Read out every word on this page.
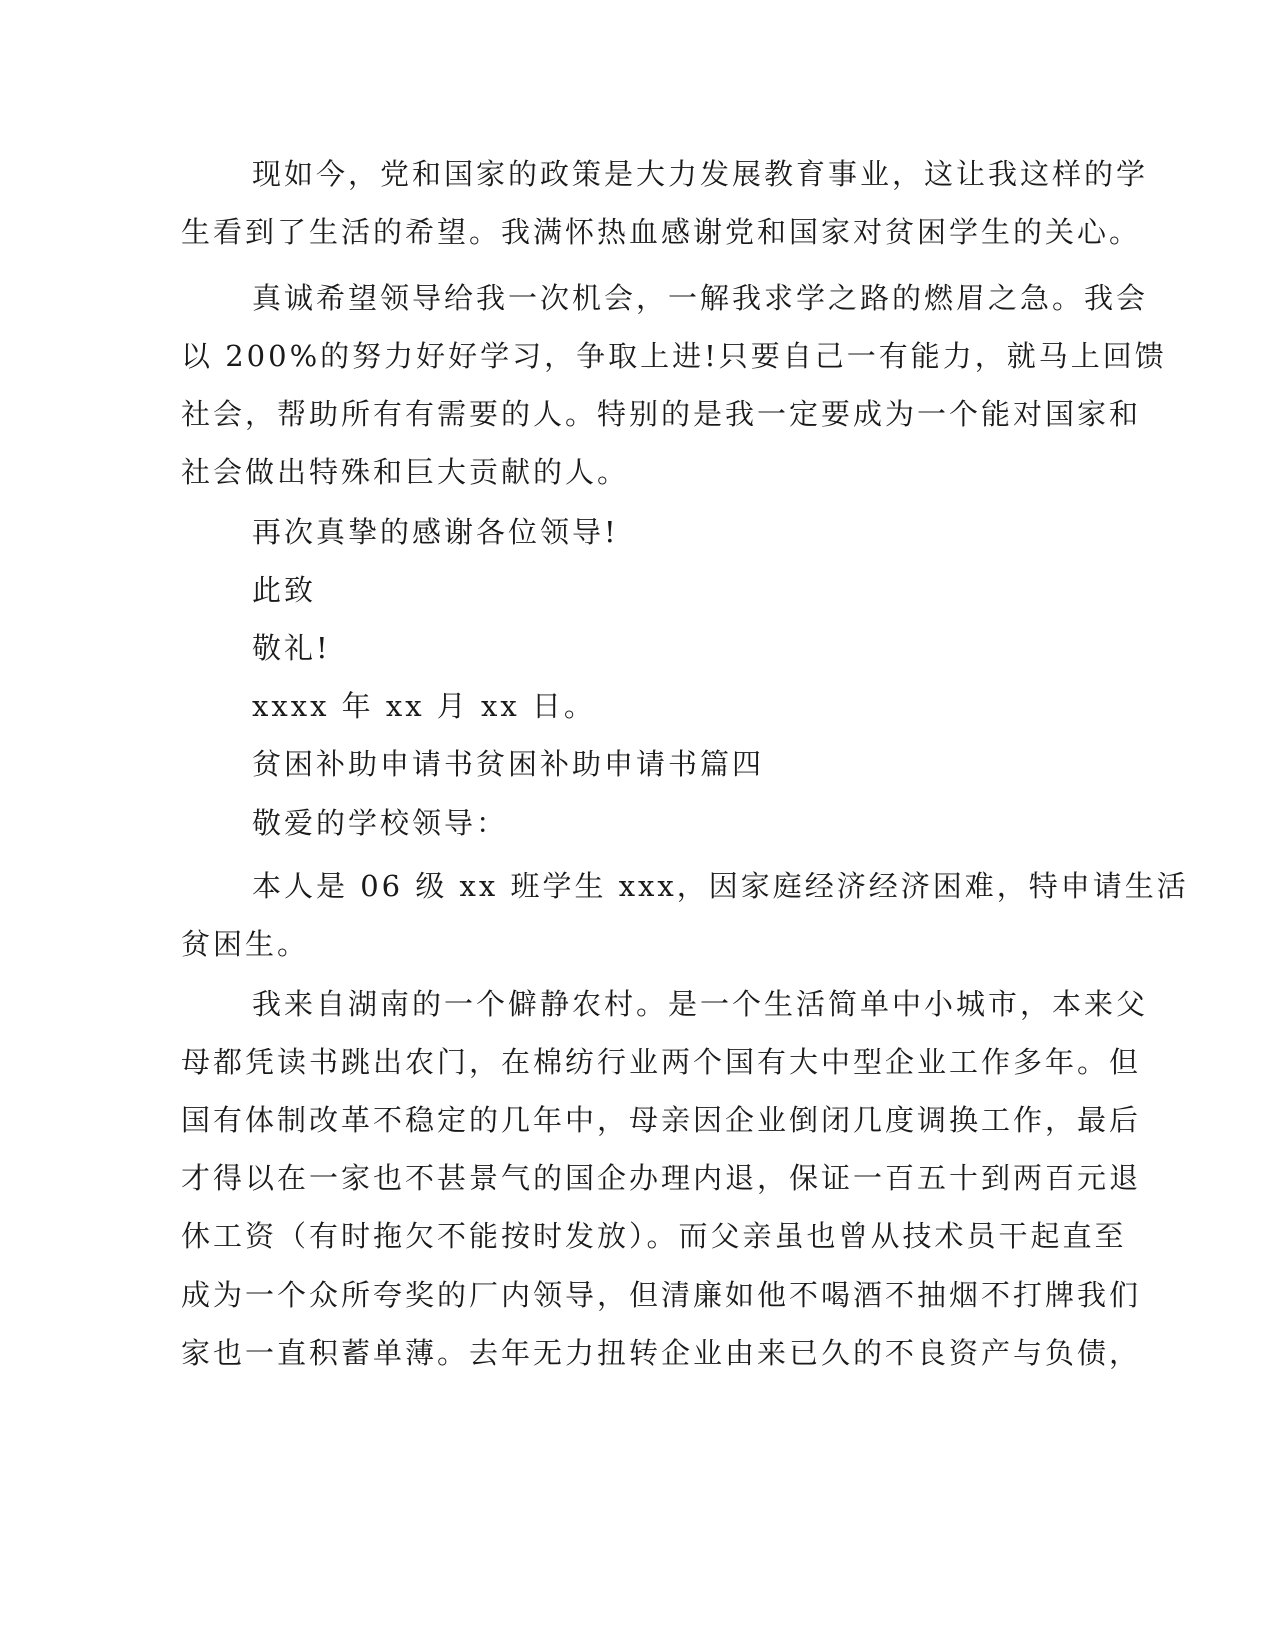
现如今，党和国家的政策是大力发展教育事业，这让我这样的学
生看到了生活的希望。我满怀热血感谢党和国家对贫困学生的关心。
真诚希望领导给我一次机会，一解我求学之路的燃眉之急。我会
以 200%的努力好好学习，争取上进!只要自己一有能力，就马上回馈
社会，帮助所有有需要的人。特别的是我一定要成为一个能对国家和
社会做出特殊和巨大贡献的人。
再次真挚的感谢各位领导!
此致
敬礼!
xxxx 年 xx 月 xx 日。
贫困补助申请书贫困补助申请书篇四
敬爱的学校领导：
本人是 06 级 xx 班学生 xxx，因家庭经济经济困难，特申请生活
贫困生。
我来自湖南的一个僻静农村。是一个生活简单中小城市，本来父
母都凭读书跳出农门，在棉纺行业两个国有大中型企业工作多年。但
国有体制改革不稳定的几年中，母亲因企业倒闭几度调换工作，最后
才得以在一家也不甚景气的国企办理内退，保证一百五十到两百元退
休工资（有时拖欠不能按时发放）。而父亲虽也曾从技术员干起直至
成为一个众所夸奖的厂内领导，但清廉如他不喝酒不抽烟不打牌我们
家也一直积蓄单薄。去年无力扭转企业由来已久的不良资产与负债，
